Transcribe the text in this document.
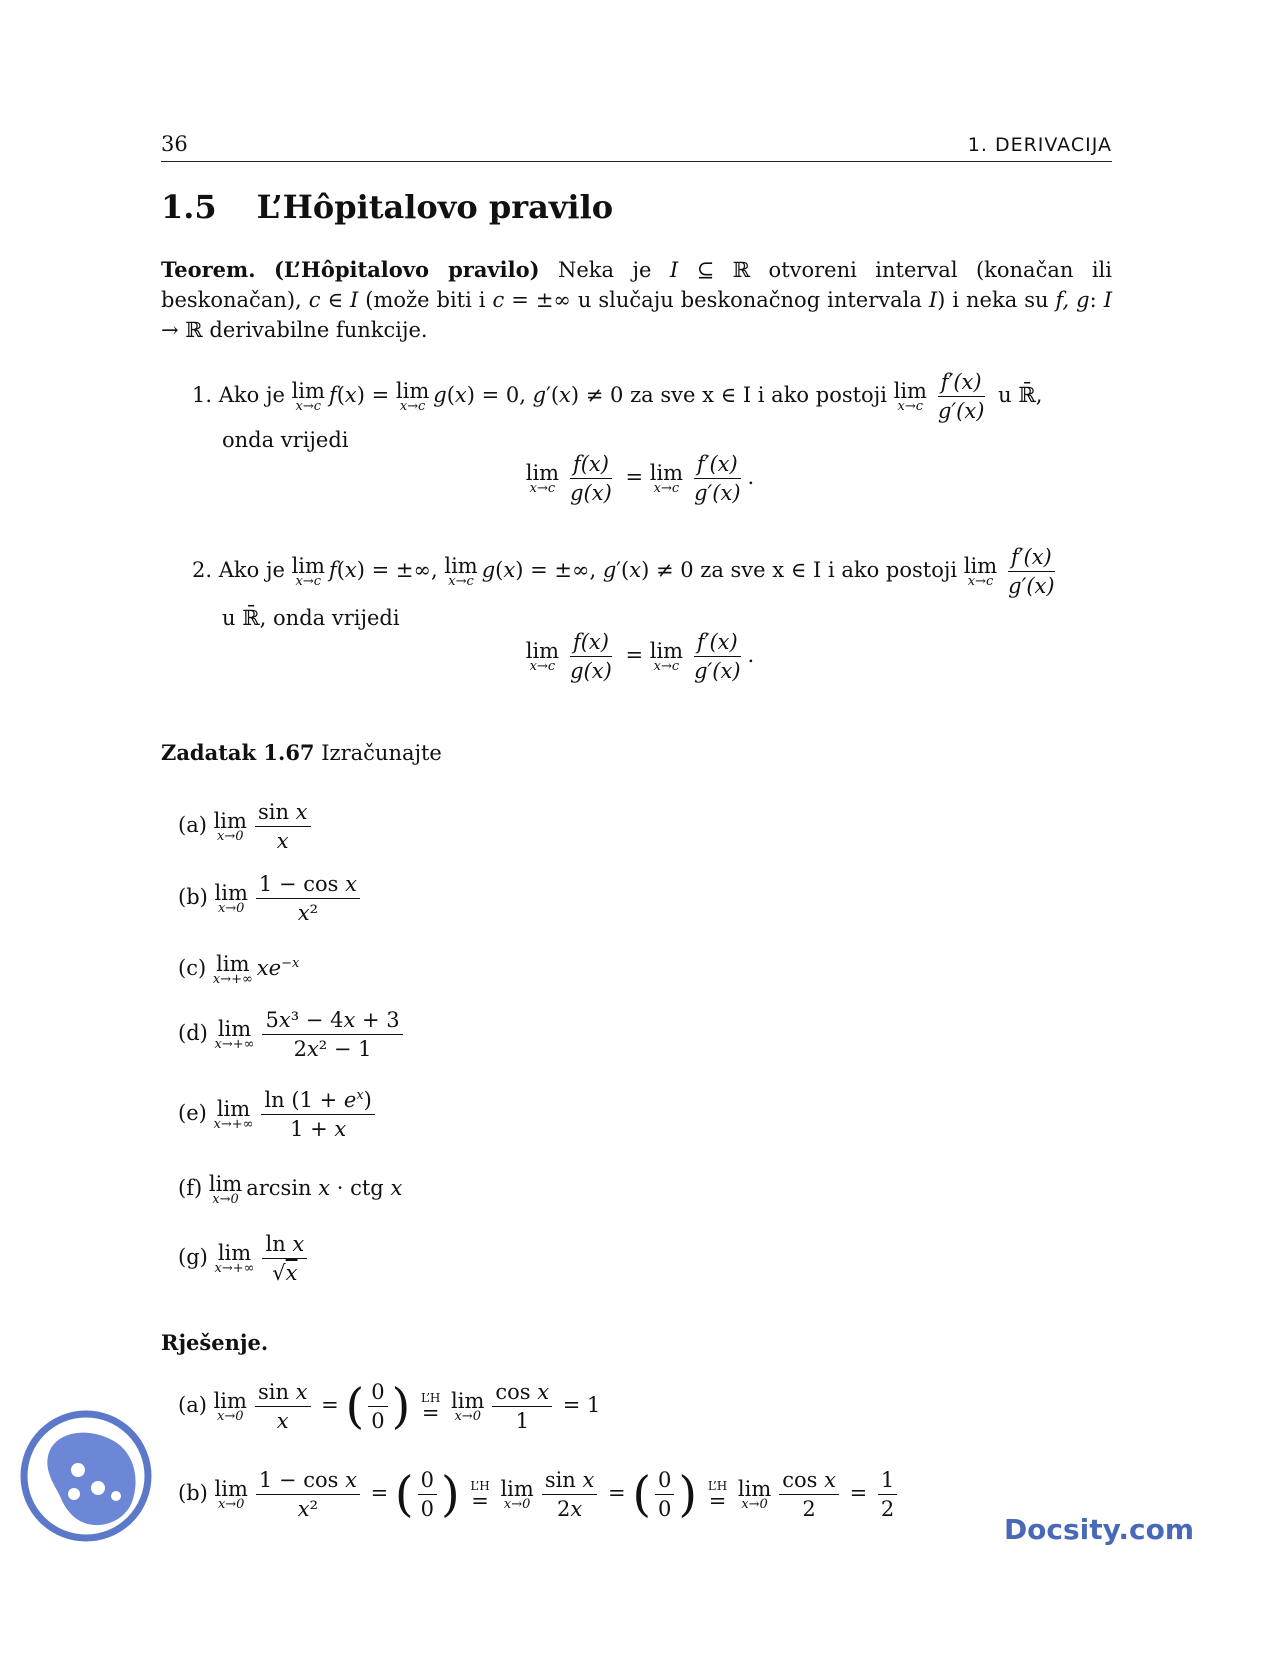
36	1. DERIVACIJA
1.5 L’Hôpitalovo pravilo
Teorem. (L’Hôpitalovo pravilo) Neka je I ⊆ ℝ otvoreni interval (konačan ili beskonačan), c ∈ I (može biti i c = ±∞ u slučaju beskonačnog intervala I) i neka su f, g: I → ℝ derivabilne funkcije.
1. Ako je lim
x→c f(x) = lim
x→c g(x) = 0, g′(x) ≠ 0 za sve x ∈ I i ako postoji lim
$x\to c \frac{f'(x)}{g'(x)}$ u ℝ̄,
onda vrijedi
lim
$x\to c \frac{f(x)}{g(x)} = \lim$
$x\to c \frac{f'(x)}{g'(x)}$ .
2. Ako je lim
x→c f(x) = ±∞, lim
x→c g(x) = ±∞, g′(x) ≠ 0 za sve x ∈ I i ako postoji lim
$x\to c \frac{f'(x)}{g'(x)}$
u ℝ̄, onda vrijedi
lim
$x\to c \frac{f(x)}{g(x)} = \lim$
$x\to c \frac{f'(x)}{g'(x)}$ .
Zadatak 1.67 Izračunajte
(a) lim
$x\to 0 \frac{\text{sin x}}{x}$
(b) lim
$x\to 0 \frac{\text{1 − cos x}}{\text{x²}}$
(c) lim
x→+∞ $xe^{-x}$
(d) lim
$x\to+\infty \frac{\text{5x³ − 4x + 3}}{\text{2x² − 1}}$
(e) lim
$x\to+\infty \frac{\ln (1 + e^x)}{1 + x}$
(f) lim
x→0 arcsin x · ctg x
(g) lim
$x\to+\infty \frac{\text{ln x}}{√x}$
Rješenje.
(a) lim
$x\to 0 \frac{\text{sin x}}{x}$ = ( $\frac{0}{0}$ ) L’H
=
lim
$x\to 0 \frac{\text{cos x}}{1} = 1$
(b) lim
$x\to 0 \frac{\text{1 − cos x}}{\text{x²}}$ = ( $\frac{0}{0}$ ) L’H
=
lim
$x\to 0 \frac{\text{sin x}}{2x}$ = ( $\frac{0}{0}$ ) L’H
=
lim
$x\to 0 \frac{\text{cos x}}{2} = \frac{1}{2}$
Docsity.com
